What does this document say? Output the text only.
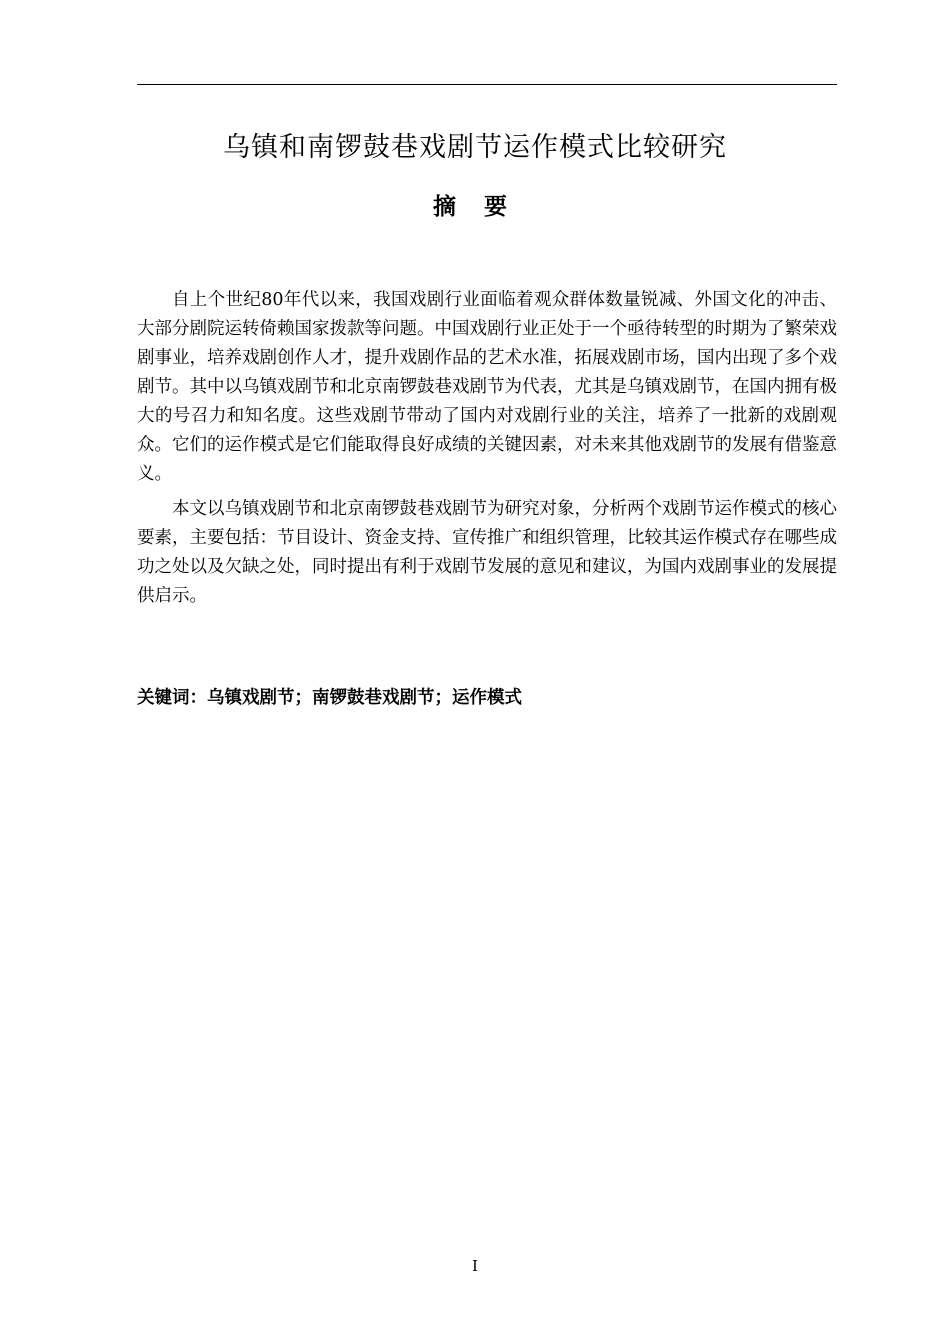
乌镇和南锣鼓巷戏剧节运作模式比较研究
摘 要

自上个世纪80年代以来，我国戏剧行业面临着观众群体数量锐减、外国文化的冲击、大部分剧院运转倚赖国家拨款等问题。中国戏剧行业正处于一个亟待转型的时期为了繁荣戏剧事业，培养戏剧创作人才，提升戏剧作品的艺术水准，拓展戏剧市场，国内出现了多个戏剧节。其中以乌镇戏剧节和北京南锣鼓巷戏剧节为代表，尤其是乌镇戏剧节，在国内拥有极大的号召力和知名度。这些戏剧节带动了国内对戏剧行业的关注，培养了一批新的戏剧观众。它们的运作模式是它们能取得良好成绩的关键因素，对未来其他戏剧节的发展有借鉴意义。

本文以乌镇戏剧节和北京南锣鼓巷戏剧节为研究对象，分析两个戏剧节运作模式的核心要素，主要包括：节目设计、资金支持、宣传推广和组织管理，比较其运作模式存在哪些成功之处以及欠缺之处，同时提出有利于戏剧节发展的意见和建议，为国内戏剧事业的发展提供启示。

关键词：乌镇戏剧节；南锣鼓巷戏剧节；运作模式
I
